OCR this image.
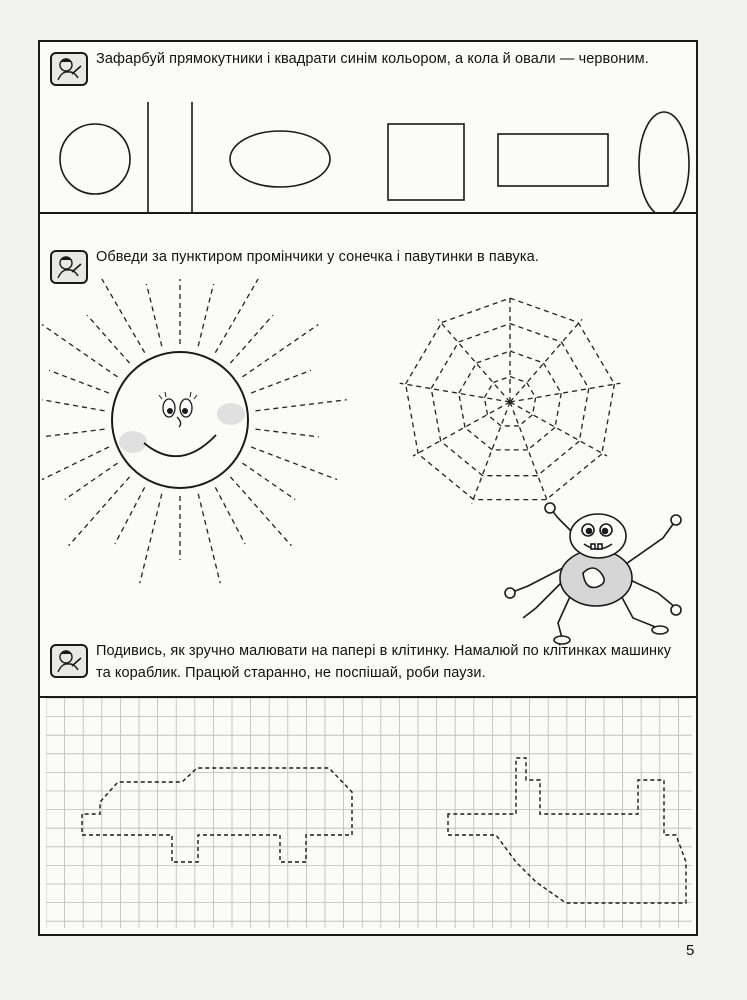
Зафарбуй прямокутники і квадрати синім кольором, а кола й овали — червоним.
Обведи за пунктиром промінчики у сонечка і павутинки в павука.
Подивись, як зручно малювати на папері в клітинку. Намалюй по клітинках машинку та кораблик. Працюй старанно, не поспішай, роби паузи.
5
